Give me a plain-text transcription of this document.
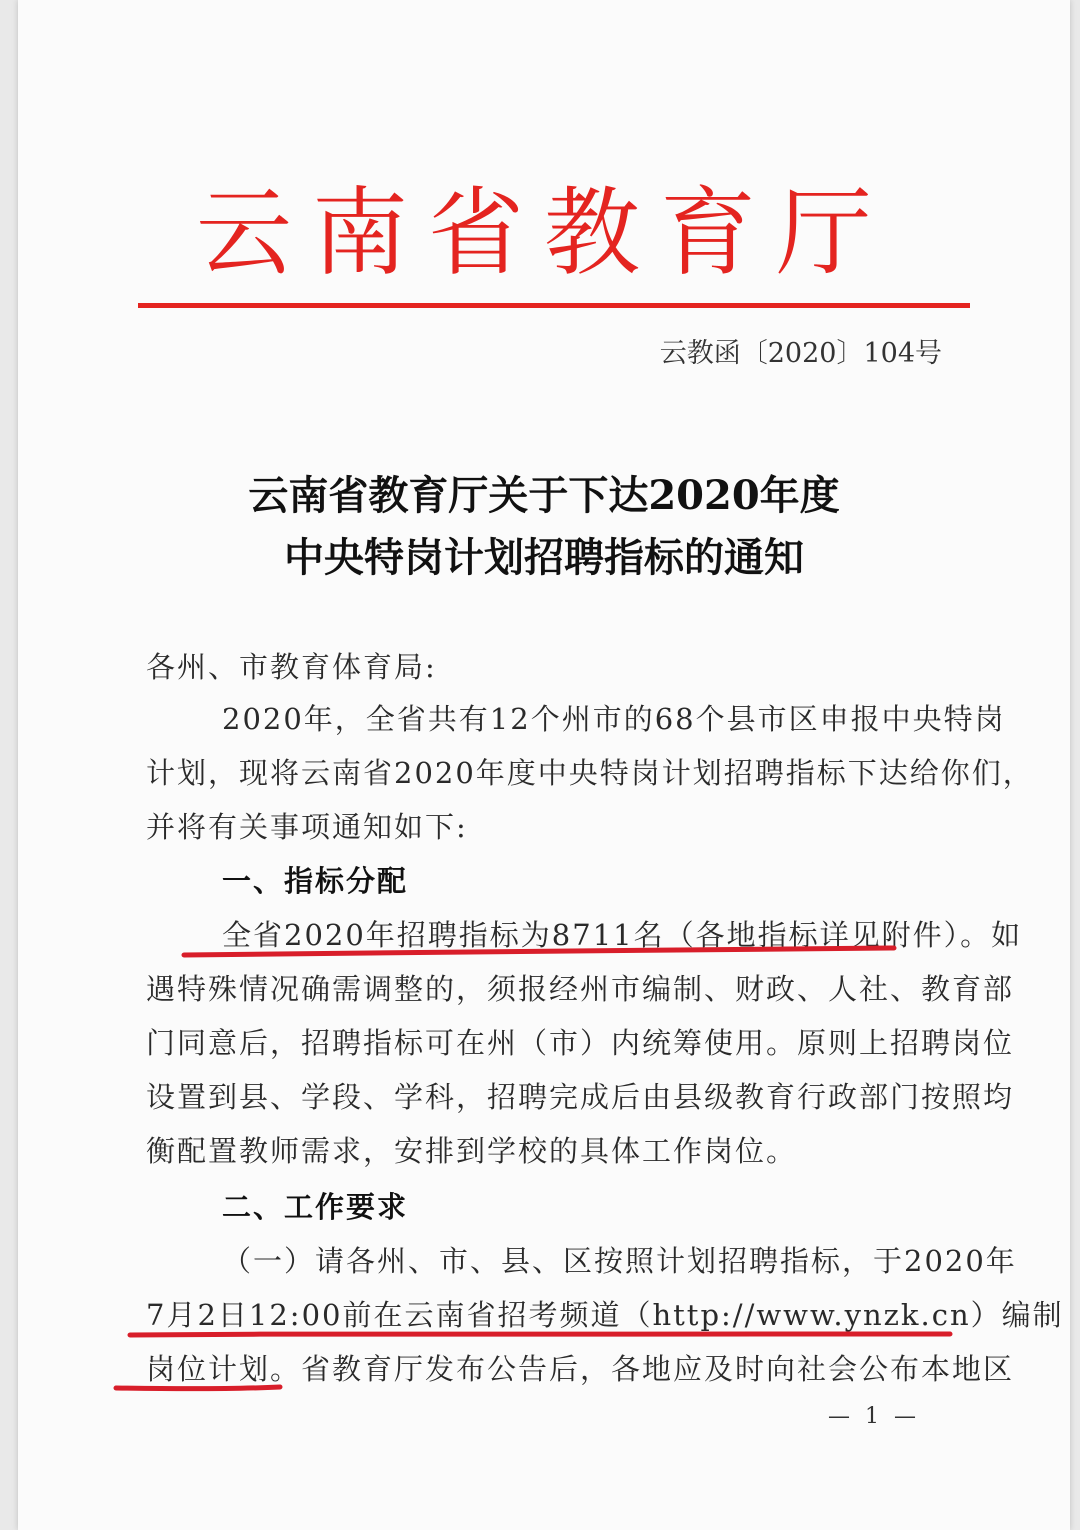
云南省教育厅
云教函〔2020〕104号
云南省教育厅关于下达2020年度
中央特岗计划招聘指标的通知
各州、市教育体育局:
2020年，全省共有12个州市的68个县市区申报中央特岗
计划，现将云南省2020年度中央特岗计划招聘指标下达给你们，
并将有关事项通知如下:
一、指标分配
全省2020年招聘指标为8711名（各地指标详见附件）。如
遇特殊情况确需调整的，须报经州市编制、财政、人社、教育部
门同意后，招聘指标可在州（市）内统筹使用。原则上招聘岗位
设置到县、学段、学科，招聘完成后由县级教育行政部门按照均
衡配置教师需求，安排到学校的具体工作岗位。
二、工作要求
（一）请各州、市、县、区按照计划招聘指标，于2020年
7月2日12:00前在云南省招考频道（http://www.ynzk.cn）编制
岗位计划。省教育厅发布公告后，各地应及时向社会公布本地区
— 1 —
